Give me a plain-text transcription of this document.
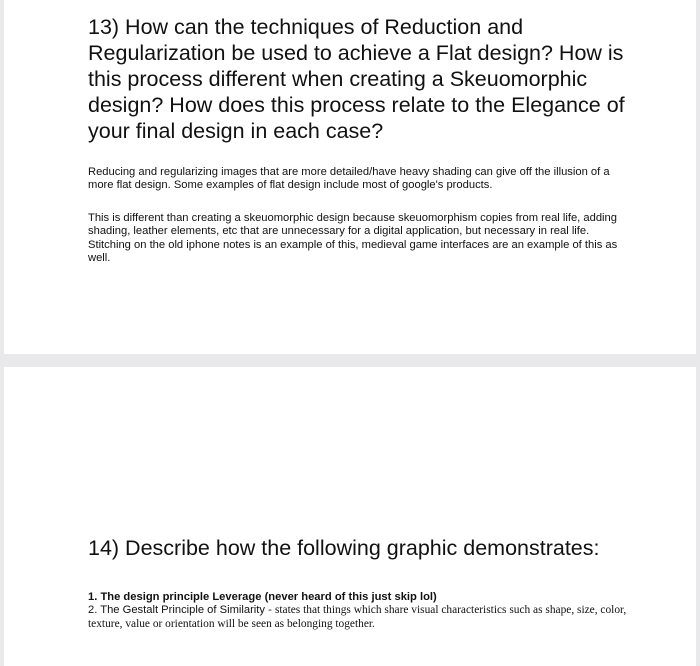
13) How can the techniques of Reduction and Regularization be used to achieve a Flat design? How is this process different when creating a Skeuomorphic design? How does this process relate to the Elegance of your final design in each case?

Reducing and regularizing images that are more detailed/have heavy shading can give off the illusion of a more flat design. Some examples of flat design include most of google's products.

This is different than creating a skeuomorphic design because skeuomorphism copies from real life, adding shading, leather elements, etc that are unnecessary for a digital application, but necessary in real life. Stitching on the old iphone notes is an example of this, medieval game interfaces are an example of this as well.

14) Describe how the following graphic demonstrates:
1. The design principle Leverage (never heard of this just skip lol)
2. The Gestalt Principle of Similarity - states that things which share visual characteristics such as shape, size, color, texture, value or orientation will be seen as belonging together.
